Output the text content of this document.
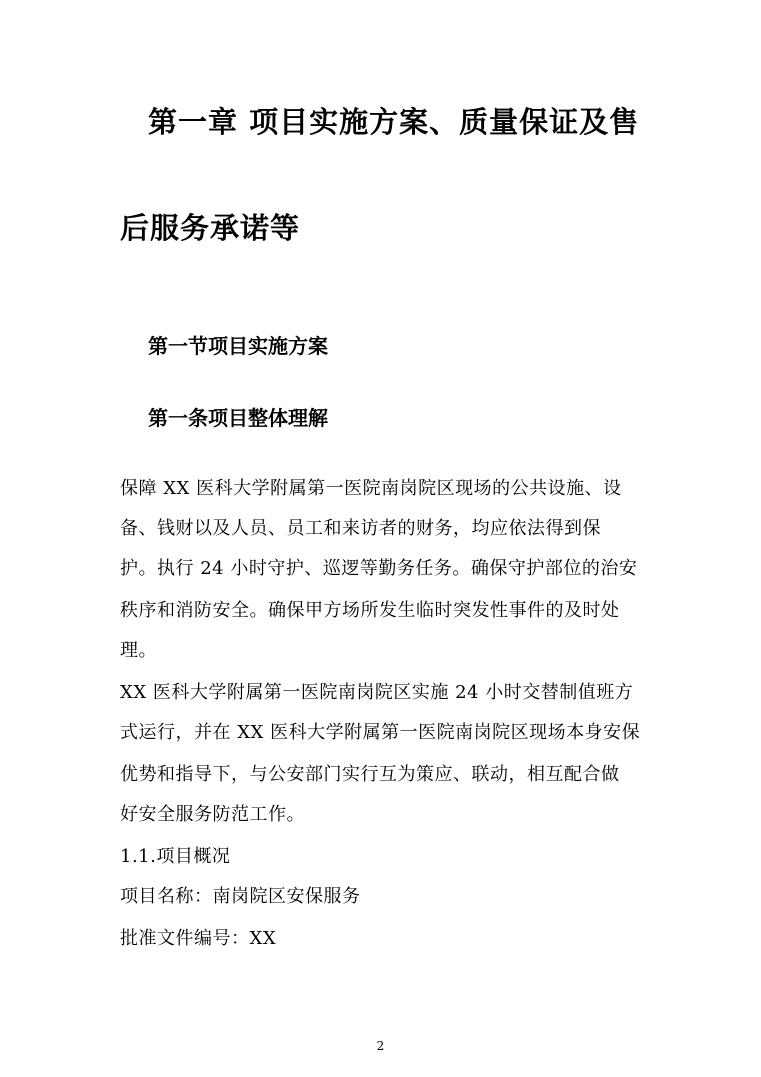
第一章 项目实施方案、质量保证及售
后服务承诺等
第一节项目实施方案
第一条项目整体理解
保障 XX 医科大学附属第一医院南岗院区现场的公共设施、设
备、钱财以及人员、员工和来访者的财务，均应依法得到保
护。执行 24 小时守护、巡逻等勤务任务。确保守护部位的治安
秩序和消防安全。确保甲方场所发生临时突发性事件的及时处
理。
XX 医科大学附属第一医院南岗院区实施 24 小时交替制值班方
式运行，并在 XX 医科大学附属第一医院南岗院区现场本身安保
优势和指导下，与公安部门实行互为策应、联动，相互配合做
好安全服务防范工作。
1.1.项目概况
项目名称：南岗院区安保服务
批准文件编号：XX
2
